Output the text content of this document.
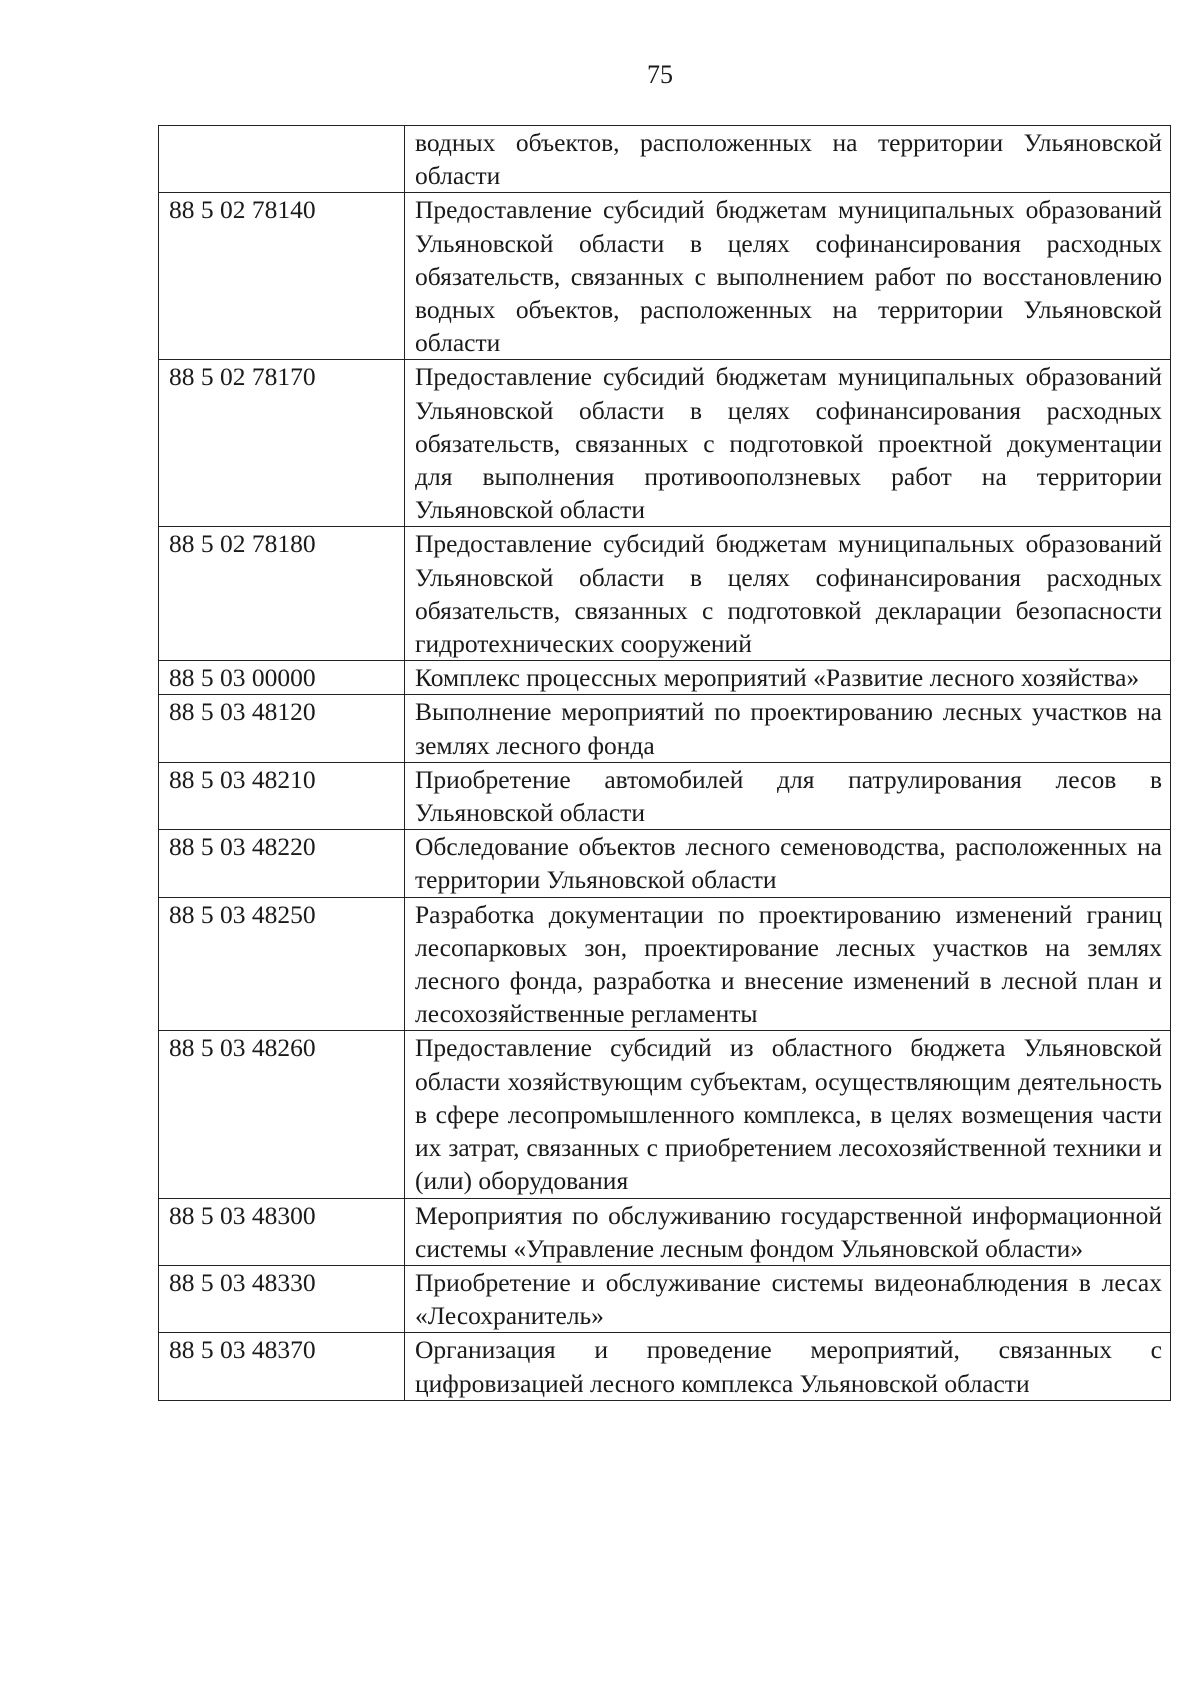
75
	водных объектов, расположенных на территории Ульяновской области
88 5 02 78140	Предоставление субсидий бюджетам муниципальных образований Ульяновской области в целях софинансирования расходных обязательств, связанных с выполнением работ по восстановлению водных объектов, расположенных на территории Ульяновской области
88 5 02 78170	Предоставление субсидий бюджетам муниципальных образований Ульяновской области в целях софинансирования расходных обязательств, связанных с подготовкой проектной документации для выполнения противооползневых работ на территории Ульяновской области
88 5 02 78180	Предоставление субсидий бюджетам муниципальных образований Ульяновской области в целях софинансирования расходных обязательств, связанных с подготовкой декларации безопасности гидротехнических сооружений
88 5 03 00000	Комплекс процессных мероприятий «Развитие лесного хозяйства»
88 5 03 48120	Выполнение мероприятий по проектированию лесных участков на землях лесного фонда
88 5 03 48210	Приобретение автомобилей для патрулирования лесов в Ульяновской области
88 5 03 48220	Обследование объектов лесного семеноводства, расположенных на территории Ульяновской области
88 5 03 48250	Разработка документации по проектированию изменений границ лесопарковых зон, проектирование лесных участков на землях лесного фонда, разработка и внесение изменений в лесной план и лесохозяйственные регламенты
88 5 03 48260	Предоставление субсидий из областного бюджета Ульяновской области хозяйствующим субъектам, осуществляющим деятельность в сфере лесопромышленного комплекса, в целях возмещения части их затрат, связанных с приобретением лесохозяйственной техники и (или) оборудования
88 5 03 48300	Мероприятия по обслуживанию государственной информационной системы «Управление лесным фондом Ульяновской области»
88 5 03 48330	Приобретение и обслуживание системы видеонаблюдения в лесах «Лесохранитель»
88 5 03 48370	Организация и проведение мероприятий, связанных с цифровизацией лесного комплекса Ульяновской области
